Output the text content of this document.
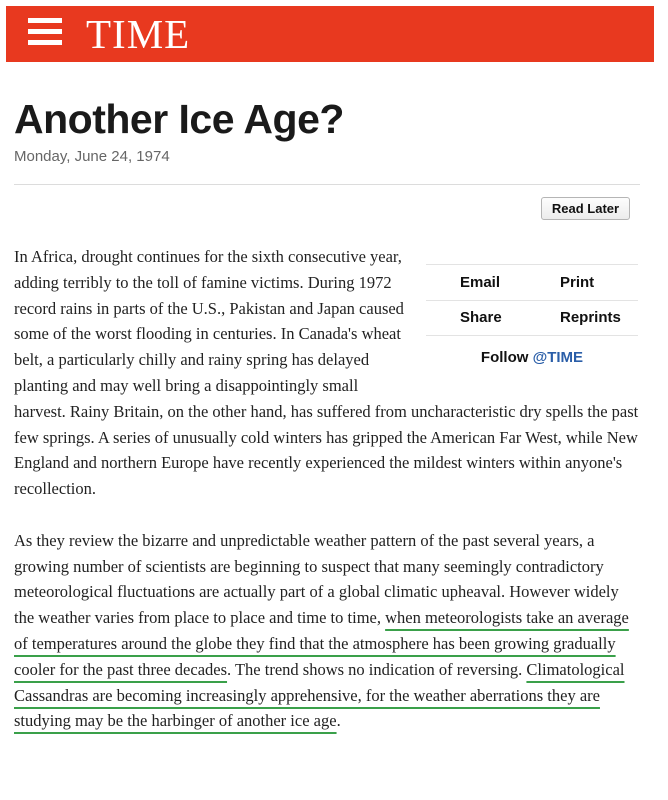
TIME
Another Ice Age?
Monday, June 24, 1974
Read Later
Email	Print
Share	Reprints
Follow @TIME

In Africa, drought continues for the sixth consecutive year, adding terribly to the toll of famine victims. During 1972 record rains in parts of the U.S., Pakistan and Japan caused some of the worst flooding in centuries. In Canada's wheat belt, a particularly chilly and rainy spring has delayed planting and may well bring a disappointingly small harvest. Rainy Britain, on the other hand, has suffered from uncharacteristic dry spells the past few springs. A series of unusually cold winters has gripped the American Far West, while New England and northern Europe have recently experienced the mildest winters within anyone's recollection.

As they review the bizarre and unpredictable weather pattern of the past several years, a growing number of scientists are beginning to suspect that many seemingly contradictory meteorological fluctuations are actually part of a global climatic upheaval. However widely the weather varies from place to place and time to time, when meteorologists take an average of temperatures around the globe they find that the atmosphere has been growing gradually cooler for the past three decades. The trend shows no indication of reversing. Climatological Cassandras are becoming increasingly apprehensive, for the weather aberrations they are studying may be the harbinger of another ice age.
